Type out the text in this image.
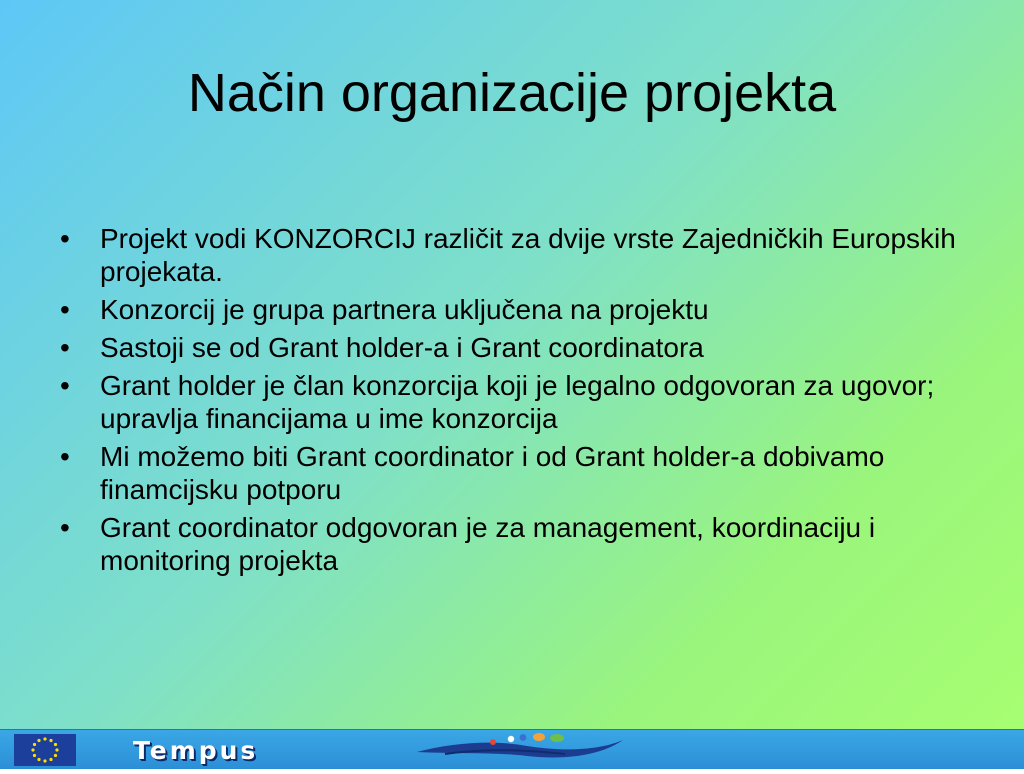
Način organizacije projekta
• Projekt vodi KONZORCIJ različit za dvije vrste Zajedničkih Europskih projekata.
• Konzorcij je grupa partnera uključena na projektu
• Sastoji se od Grant holder-a i Grant coordinatora
• Grant holder je član konzorcija koji je legalno odgovoran za ugovor; upravlja financijama u ime konzorcija
• Mi možemo biti Grant coordinator i od Grant holder-a dobivamo finamcijsku potporu
• Grant coordinator odgovoran je za management, koordinaciju i monitoring projekta
Tempus
